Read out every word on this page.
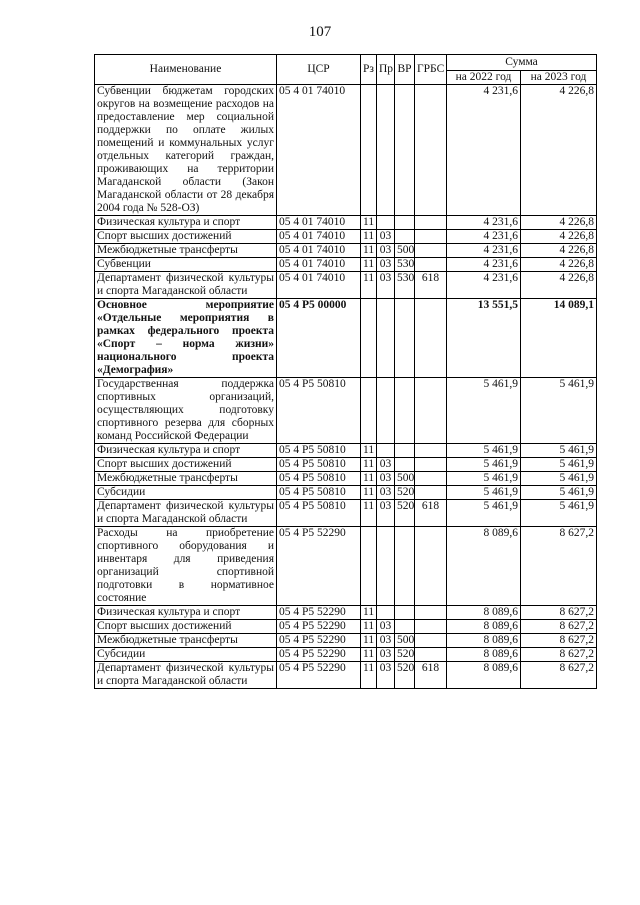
107
Наименование	ЦСР	Рз	Пр	ВР	ГРБС	Сумма	
						на 2022 год	на 2023 год
Субвенции бюджетам городских округов на возмещение расходов на предоставление мер социальной поддержки по оплате жилых помещений и коммунальных услуг отдельных категорий граждан, проживающих на территории Магаданской области (Закон Магаданской области от 28 декабря 2004 года № 528-ОЗ)	05 4 01 74010					4 231,6	4 226,8
Физическая культура и спорт	05 4 01 74010	11				4 231,6	4 226,8
Спорт высших достижений	05 4 01 74010	11	03			4 231,6	4 226,8
Межбюджетные трансферты	05 4 01 74010	11	03	500		4 231,6	4 226,8
Субвенции	05 4 01 74010	11	03	530		4 231,6	4 226,8
Департамент физической культуры и спорта Магаданской области	05 4 01 74010	11	03	530	618	4 231,6	4 226,8
Основное мероприятие «Отдельные мероприятия в рамках федерального проекта «Спорт – норма жизни» национального проекта «Демография»	05 4 P5 00000					13 551,5	14 089,1
Государственная поддержка спортивных организаций, осуществляющих подготовку спортивного резерва для сборных команд Российской Федерации	05 4 P5 50810					5 461,9	5 461,9
Физическая культура и спорт	05 4 P5 50810	11				5 461,9	5 461,9
Спорт высших достижений	05 4 P5 50810	11	03			5 461,9	5 461,9
Межбюджетные трансферты	05 4 P5 50810	11	03	500		5 461,9	5 461,9
Субсидии	05 4 P5 50810	11	03	520		5 461,9	5 461,9
Департамент физической культуры и спорта Магаданской области	05 4 P5 50810	11	03	520	618	5 461,9	5 461,9
Расходы на приобретение спортивного оборудования и инвентаря для приведения организаций спортивной подготовки в нормативное состояние	05 4 P5 52290					8 089,6	8 627,2
Физическая культура и спорт	05 4 P5 52290	11				8 089,6	8 627,2
Спорт высших достижений	05 4 P5 52290	11	03			8 089,6	8 627,2
Межбюджетные трансферты	05 4 P5 52290	11	03	500		8 089,6	8 627,2
Субсидии	05 4 P5 52290	11	03	520		8 089,6	8 627,2
Департамент физической культуры и спорта Магаданской области	05 4 P5 52290	11	03	520	618	8 089,6	8 627,2
